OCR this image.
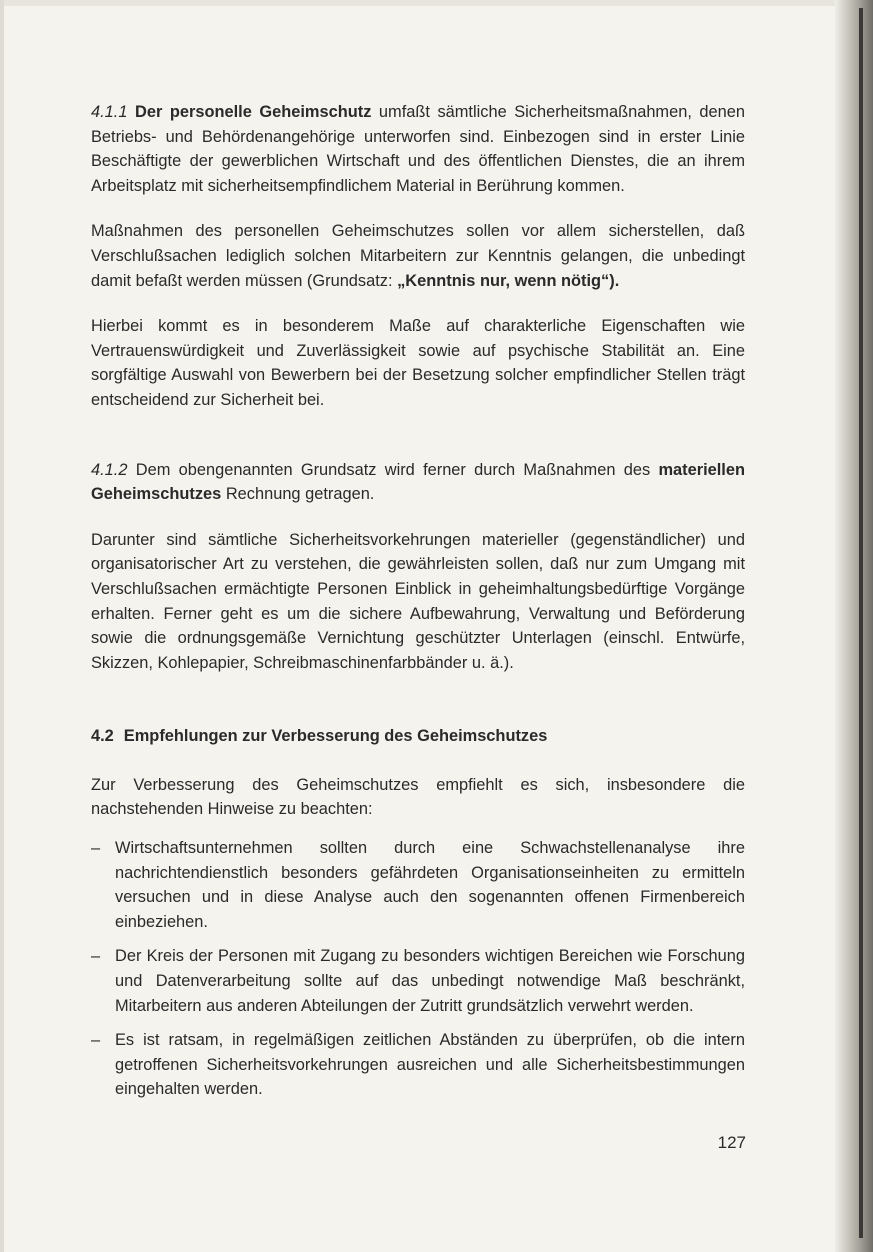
4.1.1 Der personelle Geheimschutz umfaßt sämtliche Sicherheitsmaßnahmen, denen Betriebs- und Behördenangehörige unterworfen sind. Einbezogen sind in erster Linie Beschäftigte der gewerblichen Wirtschaft und des öffentlichen Dienstes, die an ihrem Arbeitsplatz mit sicherheitsempfindlichem Material in Berührung kommen.

Maßnahmen des personellen Geheimschutzes sollen vor allem sicherstellen, daß Verschlußsachen lediglich solchen Mitarbeitern zur Kenntnis gelangen, die unbedingt damit befaßt werden müssen (Grundsatz: „Kenntnis nur, wenn nötig“).

Hierbei kommt es in besonderem Maße auf charakterliche Eigenschaften wie Vertrauenswürdigkeit und Zuverlässigkeit sowie auf psychische Stabilität an. Eine sorgfältige Auswahl von Bewerbern bei der Besetzung solcher empfindlicher Stellen trägt entscheidend zur Sicherheit bei.

4.1.2 Dem obengenannten Grundsatz wird ferner durch Maßnahmen des materiellen Geheimschutzes Rechnung getragen.

Darunter sind sämtliche Sicherheitsvorkehrungen materieller (gegenständlicher) und organisatorischer Art zu verstehen, die gewährleisten sollen, daß nur zum Umgang mit Verschlußsachen ermächtigte Personen Einblick in geheimhaltungsbedürftige Vorgänge erhalten. Ferner geht es um die sichere Aufbewahrung, Verwaltung und Beförderung sowie die ordnungsgemäße Vernichtung geschützter Unterlagen (einschl. Entwürfe, Skizzen, Kohlepapier, Schreibmaschinenfarbbänder u. ä.).

4.2 Empfehlungen zur Verbesserung des Geheimschutzes

Zur Verbesserung des Geheimschutzes empfiehlt es sich, insbesondere die nachstehenden Hinweise zu beachten:

– Wirtschaftsunternehmen sollten durch eine Schwachstellenanalyse ihre nachrichtendienstlich besonders gefährdeten Organisationseinheiten zu ermitteln versuchen und in diese Analyse auch den sogenannten offenen Firmenbereich einbeziehen.
– Der Kreis der Personen mit Zugang zu besonders wichtigen Bereichen wie Forschung und Datenverarbeitung sollte auf das unbedingt notwendige Maß beschränkt, Mitarbeitern aus anderen Abteilungen der Zutritt grundsätzlich verwehrt werden.
– Es ist ratsam, in regelmäßigen zeitlichen Abständen zu überprüfen, ob die intern getroffenen Sicherheitsvorkehrungen ausreichen und alle Sicherheitsbestimmungen eingehalten werden.
127
